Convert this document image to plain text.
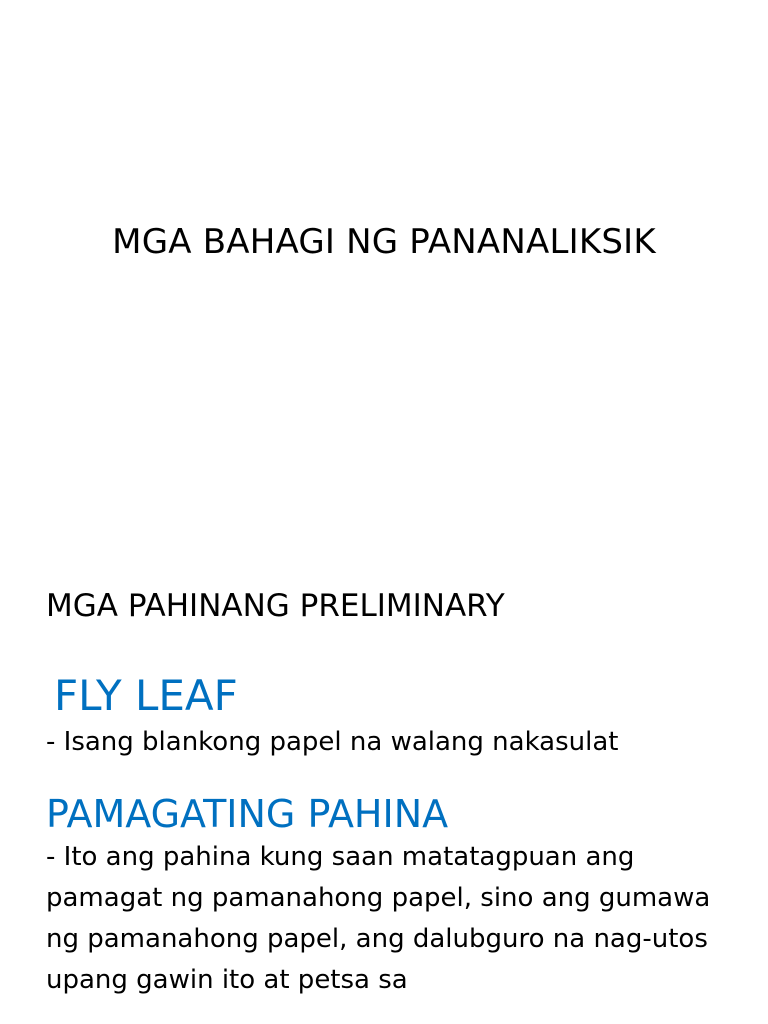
MGA BAHAGI NG PANANALIKSIK
MGA PAHINANG PRELIMINARY
FLY LEAF

- Isang blankong papel na walang nakasulat

PAMAGATING PAHINA

- Ito ang pahina kung saan matatagpuan ang pamagat ng pamanahong papel, sino ang gumawa ng pamanahong papel, ang dalubguro na nag-utos upang gawin ito at petsa sa
